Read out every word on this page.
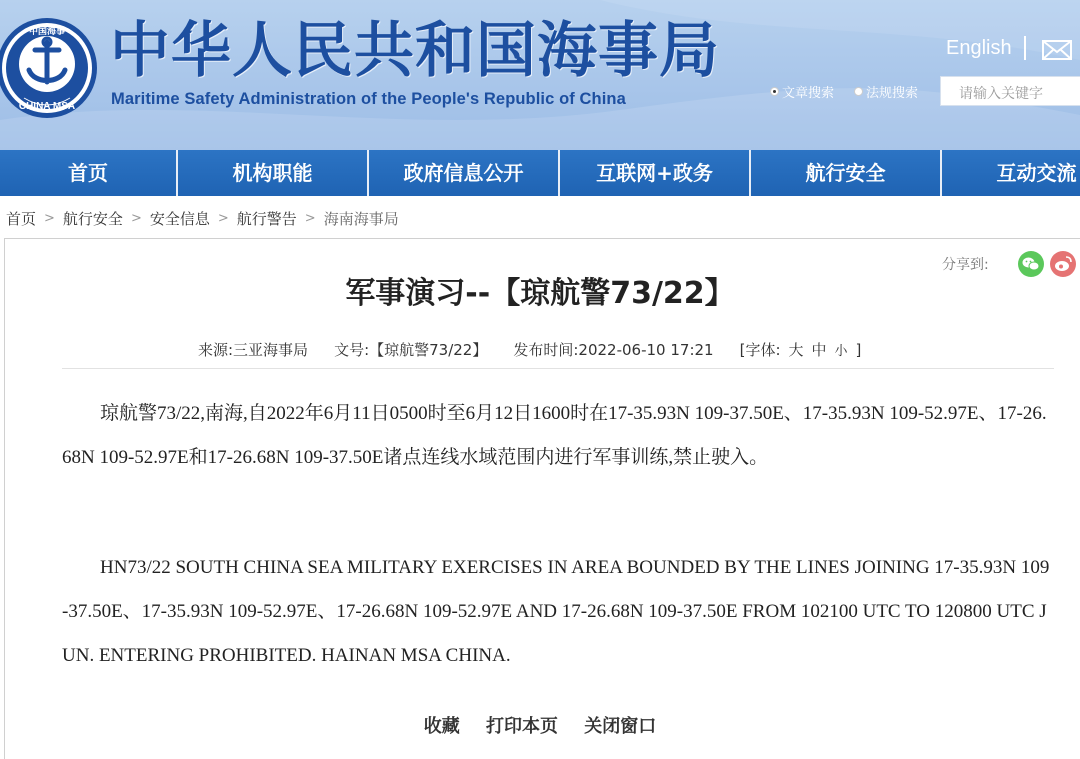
CHINA MSA
中国海事 中华人民共和国海事局
Maritime Safety Administration of the People's Republic of China
English
文章搜索 法规搜索	请输入关键字
首页	机构职能	政府信息公开	互联网+政务	航行安全	互动交流
首页 > 航行安全 > 安全信息 > 航行警告 > 海南海事局
分享到:
军事演习--【琼航警73/22】
来源:三亚海事局 文号:【琼航警73/22】 发布时间:2022-06-10 17:21 [字体: 大 中 小 ]
琼航警73/22,南海,自2022年6月11日0500时至6月12日1600时在17-35.93N 109-37.50E、17-35.93N 109-52.97E、17-26.68N 109-52.97E和17-26.68N 109-37.50E诸点连线水域范围内进行军事训练,禁止驶入。
HN73/22 SOUTH CHINA SEA MILITARY EXERCISES IN AREA BOUNDED BY THE LINES JOINING 17-35.93N 109-37.50E、17-35.93N 109-52.97E、17-26.68N 109-52.97E AND 17-26.68N 109-37.50E FROM 102100 UTC TO 120800 UTC JUN. ENTERING PROHIBITED. HAINAN MSA CHINA.
收藏 打印本页 关闭窗口
